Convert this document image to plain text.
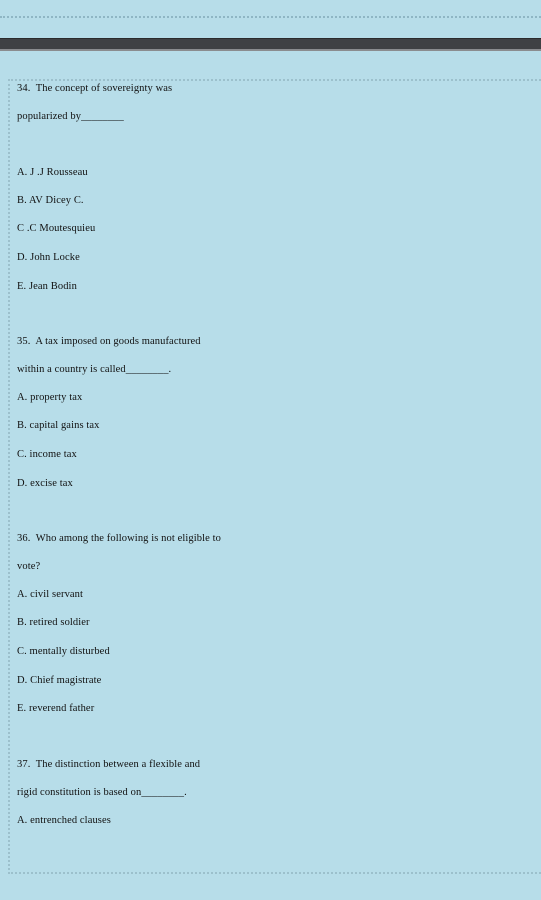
34. The concept of sovereignty was
popularized by________
A. J .J Rousseau
B. AV Dicey C.
C .C Moutesquieu
D. John Locke
E. Jean Bodin
35. A tax imposed on goods manufactured
within a country is called________.
A. property tax
B. capital gains tax
C. income tax
D. excise tax
36. Who among the following is not eligible to
vote?
A. civil servant
B. retired soldier
C. mentally disturbed
D. Chief magistrate
E. reverend father
37. The distinction between a flexible and
rigid constitution is based on________.
A. entrenched clauses
